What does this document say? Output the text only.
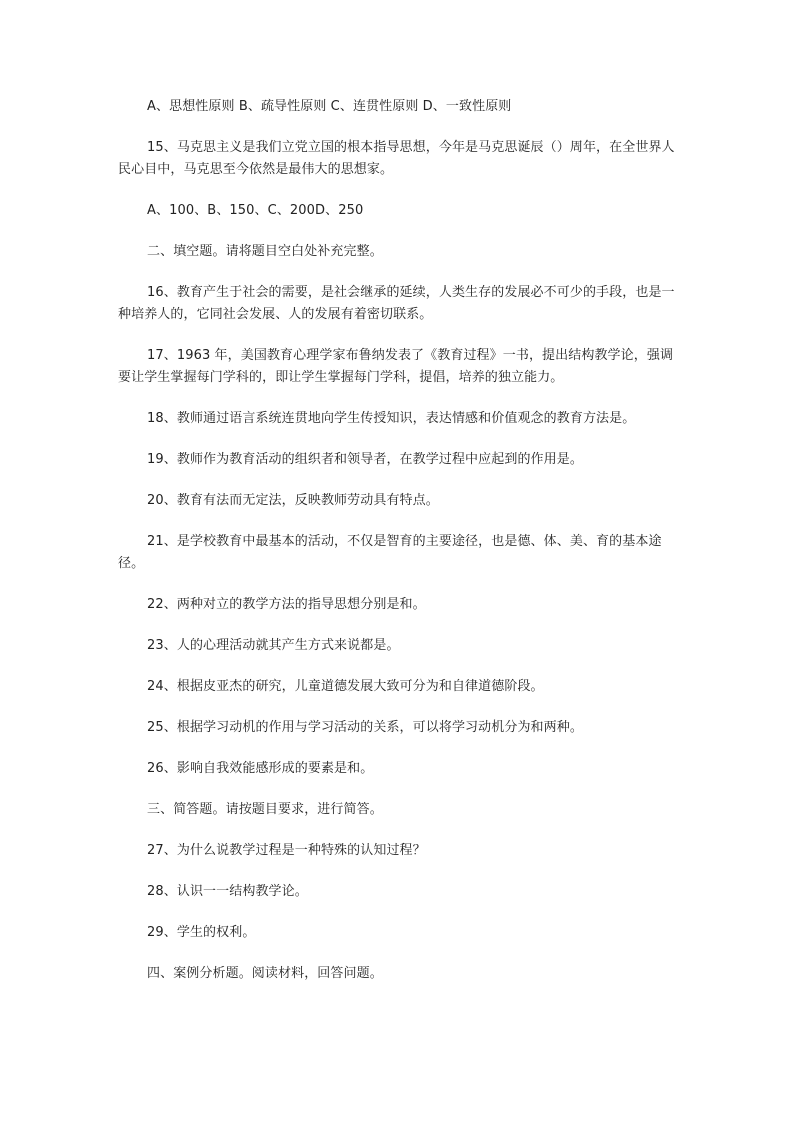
A、思想性原则 B、疏导性原则 C、连贯性原则 D、一致性原则

15、马克思主义是我们立党立国的根本指导思想，今年是马克思诞辰（）周年，在全世界人民心目中，马克思至今依然是最伟大的思想家。

A、100、B、150、C、200D、250

二、填空题。请将题目空白处补充完整。

16、教育产生于社会的需要，是社会继承的延续，人类生存的发展必不可少的手段，也是一种培养人的，它同社会发展、人的发展有着密切联系。

17、1963 年，美国教育心理学家布鲁纳发表了《教育过程》一书，提出结构教学论，强调要让学生掌握每门学科的，即让学生掌握每门学科，提倡，培养的独立能力。

18、教师通过语言系统连贯地向学生传授知识，表达情感和价值观念的教育方法是。

19、教师作为教育活动的组织者和领导者，在教学过程中应起到的作用是。

20、教育有法而无定法，反映教师劳动具有特点。

21、是学校教育中最基本的活动，不仅是智育的主要途径，也是德、体、美、育的基本途径。

22、两种对立的教学方法的指导思想分别是和。

23、人的心理活动就其产生方式来说都是。

24、根据皮亚杰的研究，儿童道德发展大致可分为和自律道德阶段。

25、根据学习动机的作用与学习活动的关系，可以将学习动机分为和两种。

26、影响自我效能感形成的要素是和。

三、简答题。请按题目要求，进行简答。

27、为什么说教学过程是一种特殊的认知过程？

28、认识一一结构教学论。

29、学生的权利。

四、案例分析题。阅读材料，回答问题。
